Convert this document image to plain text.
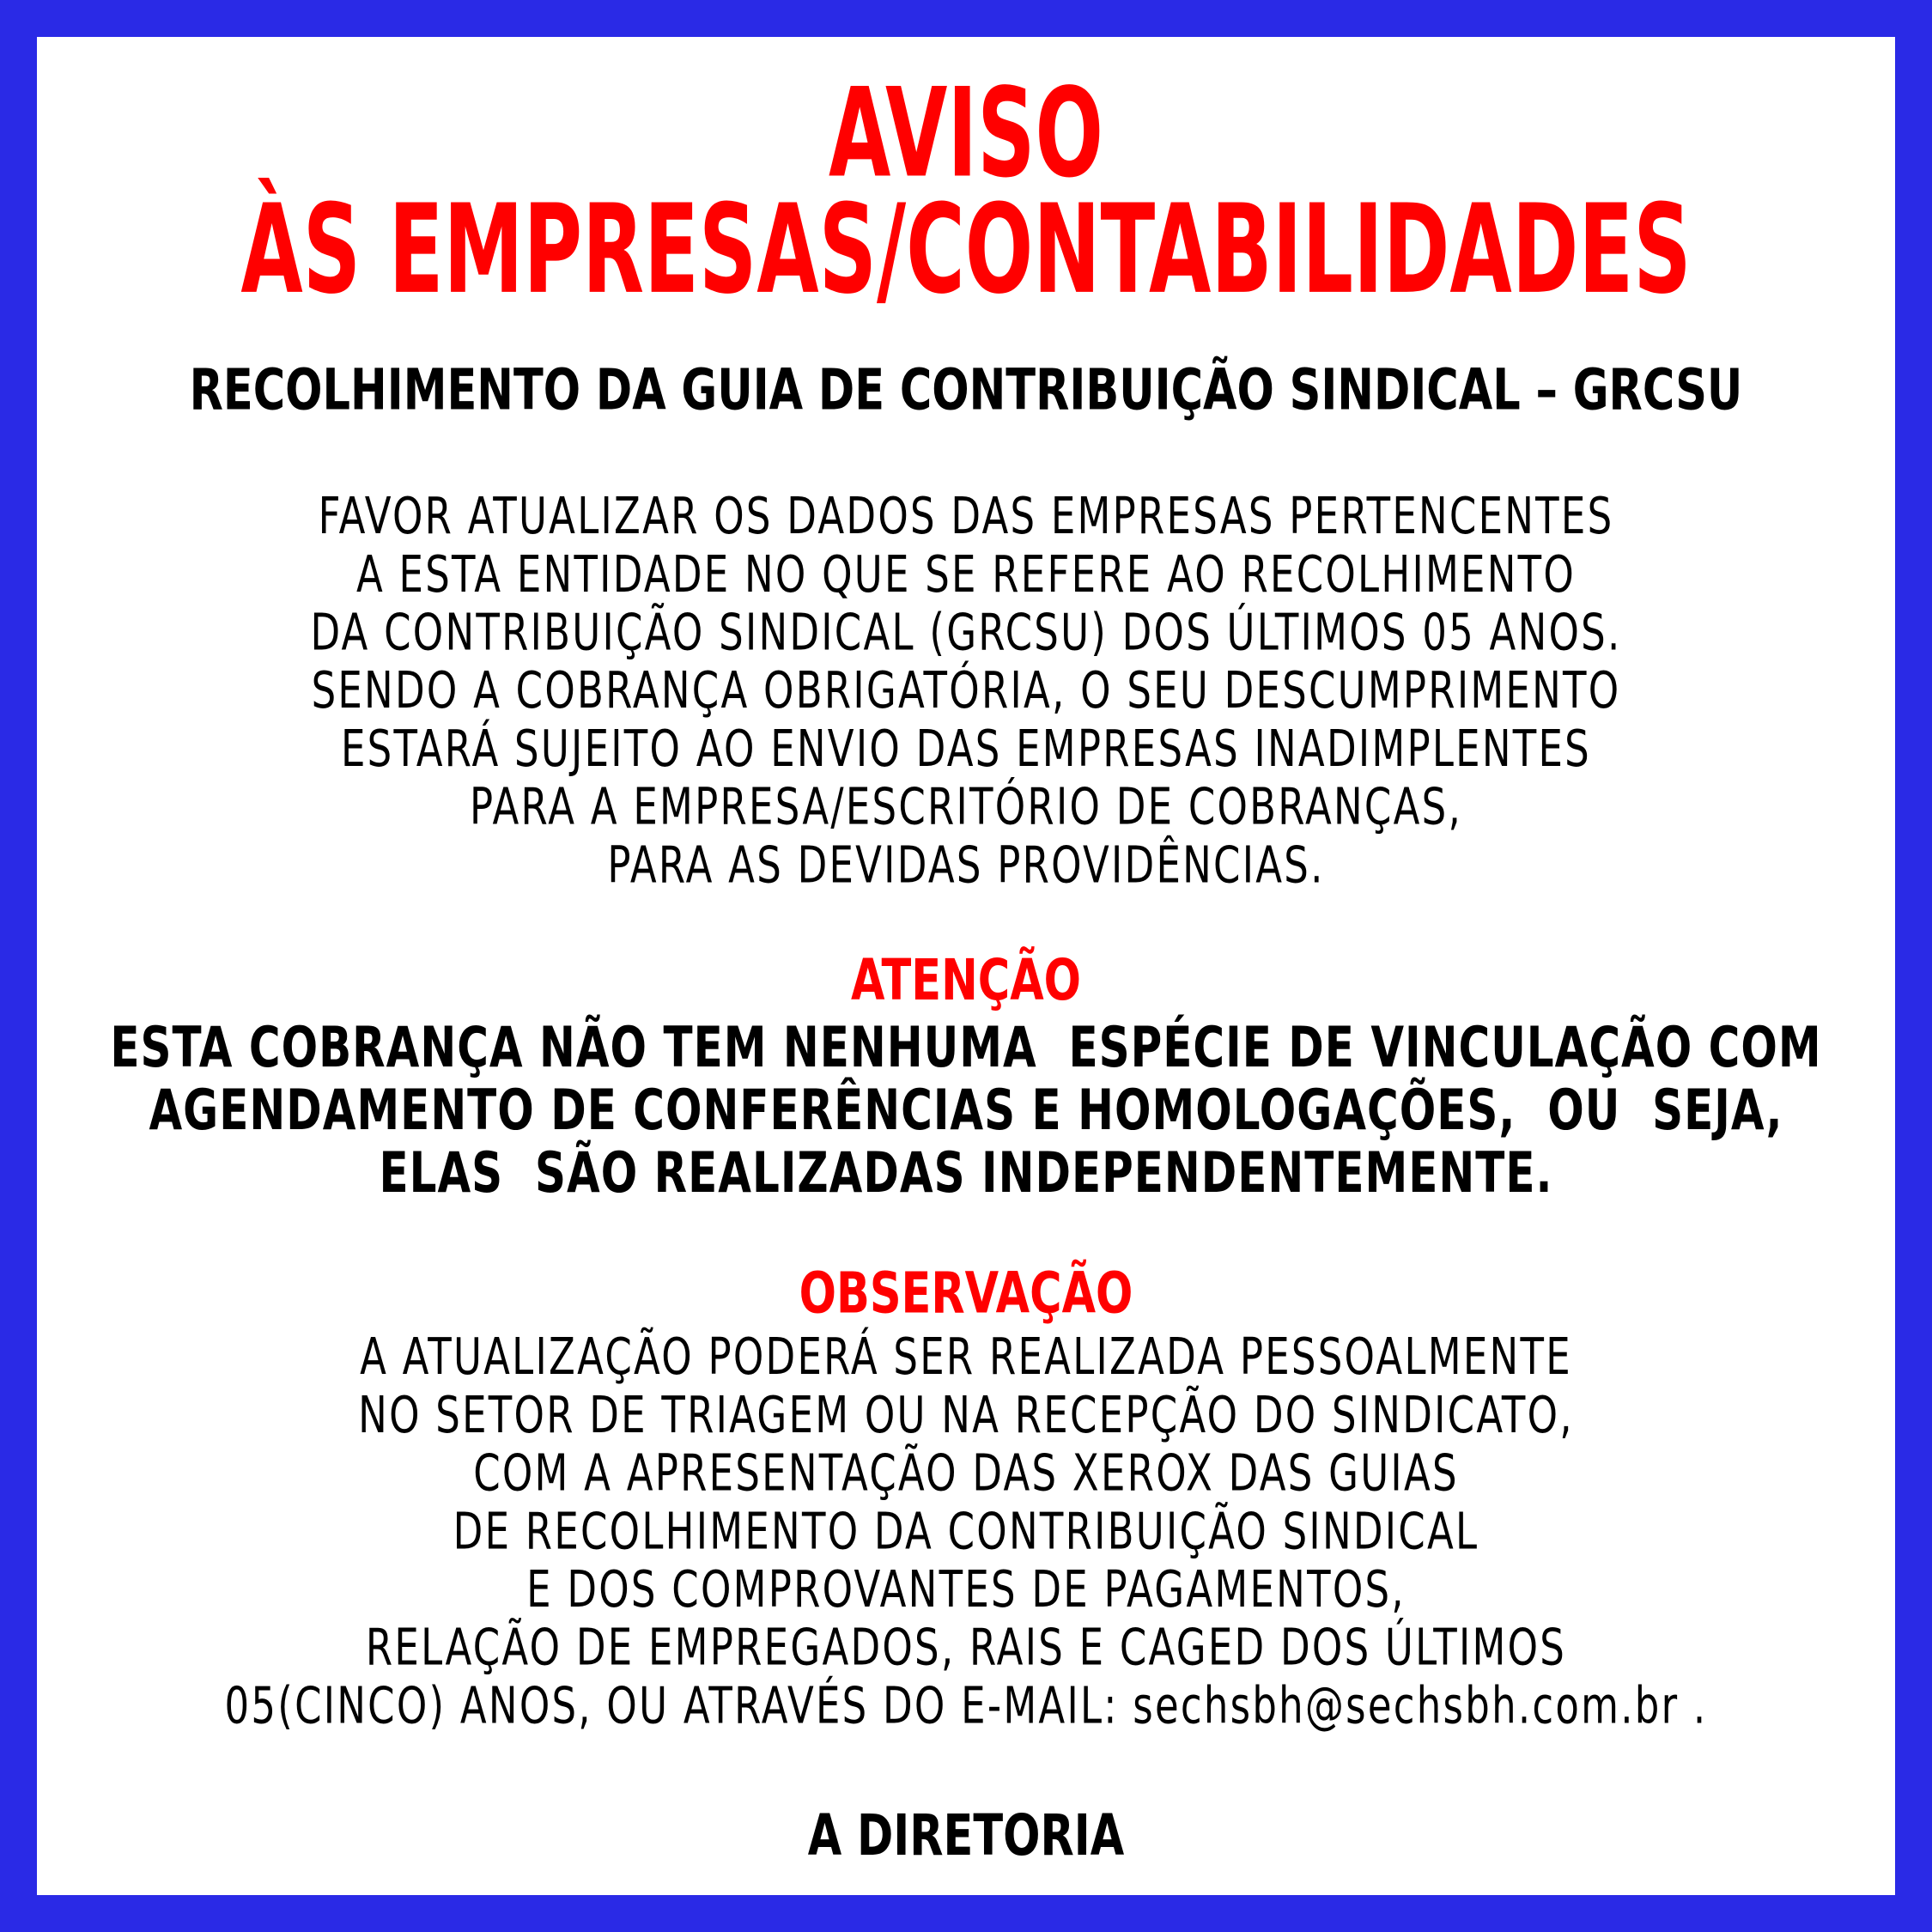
AVISO
ÀS EMPRESAS/CONTABILIDADES
RECOLHIMENTO DA GUIA DE CONTRIBUIÇÃO SINDICAL – GRCSU
FAVOR ATUALIZAR OS DADOS DAS EMPRESAS PERTENCENTES
A ESTA ENTIDADE NO QUE SE REFERE AO RECOLHIMENTO
DA CONTRIBUIÇÃO SINDICAL (GRCSU) DOS ÚLTIMOS 05 ANOS.
SENDO A COBRANÇA OBRIGATÓRIA, O SEU DESCUMPRIMENTO
ESTARÁ SUJEITO AO ENVIO DAS EMPRESAS INADIMPLENTES
PARA A EMPRESA/ESCRITÓRIO DE COBRANÇAS,
PARA AS DEVIDAS PROVIDÊNCIAS.
ATENÇÃO
ESTA COBRANÇA NÃO TEM NENHUMA  ESPÉCIE DE VINCULAÇÃO COM
AGENDAMENTO DE CONFERÊNCIAS E HOMOLOGAÇÕES,  OU  SEJA,
ELAS  SÃO REALIZADAS INDEPENDENTEMENTE.
OBSERVAÇÃO
A ATUALIZAÇÃO PODERÁ SER REALIZADA PESSOALMENTE
NO SETOR DE TRIAGEM OU NA RECEPÇÃO DO SINDICATO,
COM A APRESENTAÇÃO DAS XEROX DAS GUIAS
DE RECOLHIMENTO DA CONTRIBUIÇÃO SINDICAL
E DOS COMPROVANTES DE PAGAMENTOS,
RELAÇÃO DE EMPREGADOS, RAIS E CAGED DOS ÚLTIMOS
05(CINCO) ANOS, OU ATRAVÉS DO E-MAIL: sechsbh@sechsbh.com.br .
A DIRETORIA
